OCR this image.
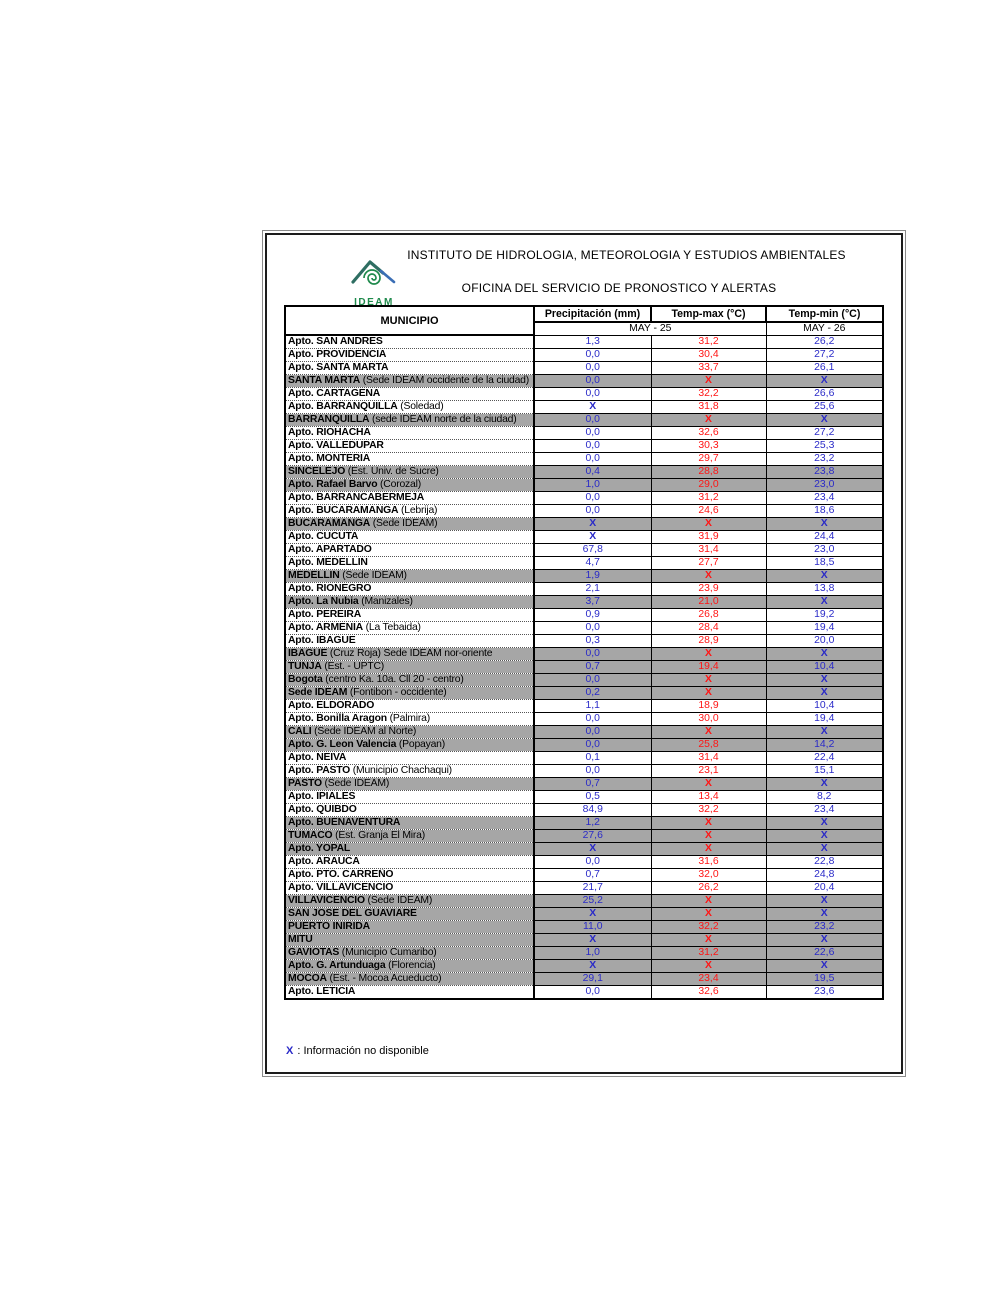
INSTITUTO DE HIDROLOGIA, METEOROLOGIA Y ESTUDIOS AMBIENTALES
OFICINA DEL SERVICIO DE PRONOSTICO Y ALERTAS
IDEAM
MUNICIPIO	Precipitación (mm)	Temp-max (°C)	Temp-min (°C)
	MAY - 25		MAY - 26
Apto. SAN ANDRES	1,3	31,2	26,2
Apto. PROVIDENCIA	0,0	30,4	27,2
Apto. SANTA MARTA	0,0	33,7	26,1
SANTA MARTA (Sede IDEAM occidente de la ciudad)	0,0	X	X
Apto. CARTAGENA	0,0	32,2	26,6
Apto. BARRANQUILLA (Soledad)	X	31,8	25,6
BARRANQUILLA (sede IDEAM norte de la ciudad)	0,0	X	X
Apto. RIOHACHA	0,0	32,6	27,2
Apto. VALLEDUPAR	0,0	30,3	25,3
Apto. MONTERIA	0,0	29,7	23,2
SINCELEJO (Est. Univ. de Sucre)	0,4	28,8	23,8
Apto. Rafael Barvo (Corozal)	1,0	29,0	23,0
Apto. BARRANCABERMEJA	0,0	31,2	23,4
Apto. BUCARAMANGA (Lebrija)	0,0	24,6	18,6
BUCARAMANGA (Sede IDEAM)	X	X	X
Apto. CUCUTA	X	31,9	24,4
Apto. APARTADO	67,8	31,4	23,0
Apto. MEDELLIN	4,7	27,7	18,5
MEDELLIN (Sede IDEAM)	1,9	X	X
Apto. RIONEGRO	2,1	23,9	13,8
Apto. La Nubia (Manizales)	3,7	21,0	X
Apto. PEREIRA	0,9	26,8	19,2
Apto. ARMENIA (La Tebaida)	0,0	28,4	19,4
Apto. IBAGUE	0,3	28,9	20,0
IBAGUE (Cruz Roja) Sede IDEAM nor-oriente	0,0	X	X
TUNJA (Est. - UPTC)	0,7	19,4	10,4
Bogota (centro Ka. 10a. Cll 20 - centro)	0,0	X	X
Sede IDEAM (Fontibon - occidente)	0,2	X	X
Apto. ELDORADO	1,1	18,9	10,4
Apto. Bonilla Aragon (Palmira)	0,0	30,0	19,4
CALI (Sede IDEAM al Norte)	0,0	X	X
Apto. G. Leon Valencia (Popayan)	0,0	25,8	14,2
Apto. NEIVA	0,1	31,4	22,4
Apto. PASTO (Municipio Chachaqui)	0,0	23,1	15,1
PASTO (Sede IDEAM)	0,7	X	X
Apto. IPIALES	0,5	13,4	8,2
Apto. QUIBDO	84,9	32,2	23,4
Apto. BUENAVENTURA	1,2	X	X
TUMACO (Est. Granja El Mira)	27,6	X	X
Apto. YOPAL	X	X	X
Apto. ARAUCA	0,0	31,6	22,8
Apto. PTO. CARREÑO	0,7	32,0	24,8
Apto. VILLAVICENCIO	21,7	26,2	20,4
VILLAVICENCIO (Sede IDEAM)	25,2	X	X
SAN JOSE DEL GUAVIARE	X	X	X
PUERTO INIRIDA	11,0	32,2	23,2
MITU	X	X	X
GAVIOTAS (Municipio Cumaribo)	1,0	31,2	22,6
Apto. G. Artunduaga (Florencia)	X	X	X
MOCOA (Est. - Mocoa Acueducto)	29,1	23,4	19,5
Apto. LETICIA	0,0	32,6	23,6
X : Información no disponible
